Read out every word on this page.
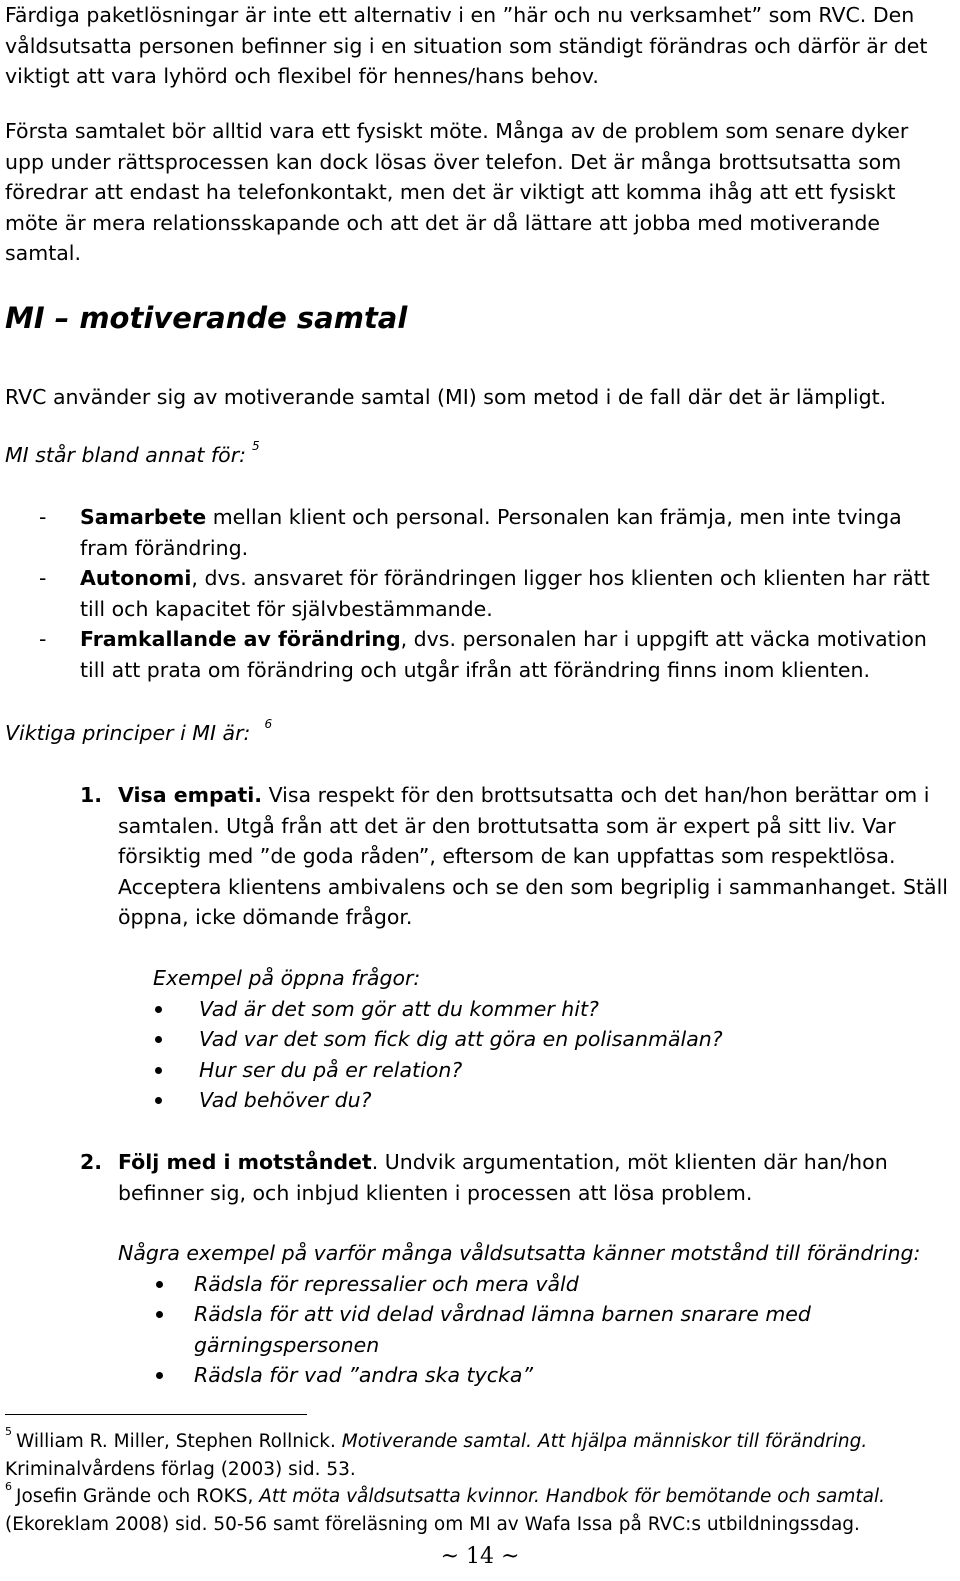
Färdiga paketlösningar är inte ett alternativ i en ”här och nu verksamhet” som RVC. Den våldsutsatta personen befinner sig i en situation som ständigt förändras och därför är det viktigt att vara lyhörd och flexibel för hennes/hans behov.

Första samtalet bör alltid vara ett fysiskt möte. Många av de problem som senare dyker upp under rättsprocessen kan dock lösas över telefon. Det är många brottsutsatta som föredrar att endast ha telefonkontakt, men det är viktigt att komma ihåg att ett fysiskt möte är mera relationsskapande och att det är då lättare att jobba med motiverande samtal.

MI – motiverande samtal

RVC använder sig av motiverande samtal (MI) som metod i de fall där det är lämpligt.

MI står bland annat för: $^5$

- Samarbete mellan klient och personal. Personalen kan främja, men inte tvinga fram förändring.
- Autonomi, dvs. ansvaret för förändringen ligger hos klienten och klienten har rätt till och kapacitet för självbestämmande.
- Framkallande av förändring, dvs. personalen har i uppgift att väcka motivation till att prata om förändring och utgår ifrån att förändring finns inom klienten.

Viktiga principer i MI är: $^6$

1. Visa empati. Visa respekt för den brottsutsatta och det han/hon berättar om i samtalen. Utgå från att det är den brottutsatta som är expert på sitt liv. Var försiktig med ”de goda råden”, eftersom de kan uppfattas som respektlösa. Acceptera klientens ambivalens och se den som begriplig i sammanhanget. Ställ öppna, icke dömande frågor.

Exempel på öppna frågor:

Vad är det som gör att du kommer hit?
Vad var det som fick dig att göra en polisanmälan?
Hur ser du på er relation?
Vad behöver du?
2. Följ med i motståndet. Undvik argumentation, möt klienten där han/hon befinner sig, och inbjud klienten i processen att lösa problem.

Några exempel på varför många våldsutsatta känner motstånd till förändring:

Rädsla för repressalier och mera våld
Rädsla för att vid delad vårdnad lämna barnen snarare med gärningspersonen
Rädsla för vad ”andra ska tycka”

$^5$ William R. Miller, Stephen Rollnick. Motiverande samtal. Att hjälpa människor till förändring. Kriminalvårdens förlag (2003) sid. 53.

$^6$ Josefin Grände och ROKS, Att möta våldsutsatta kvinnor. Handbok för bemötande och samtal. (Ekoreklam 2008) sid. 50-56 samt föreläsning om MI av Wafa Issa på RVC:s utbildningssdag.

~ 14 ~
